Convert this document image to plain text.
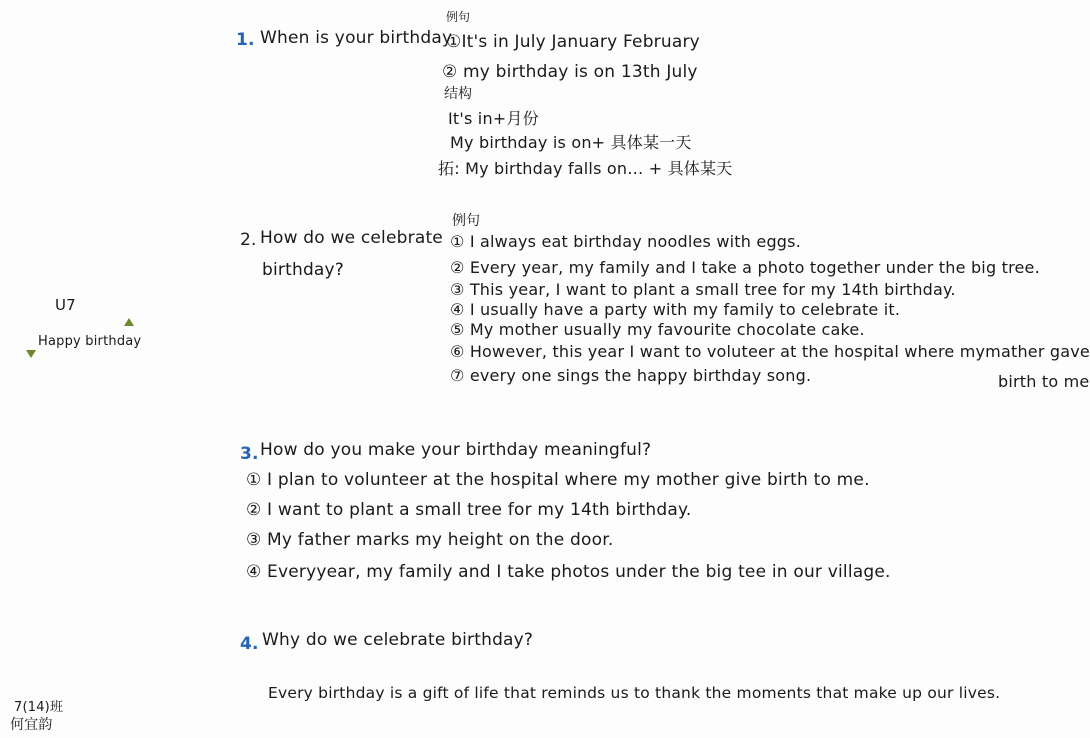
U7
Happy birthday
7(14)班
何宜韵
1. When is your birthday
例句
①It's in July January February
② my birthday is on 13th July
结构
It's in+月份
My birthday is on+ 具体某一天
拓: My birthday falls on… + 具体某天
2. How do we celebrate
birthday?
例句
① I always eat birthday noodles with eggs.
② Every year, my family and I take a photo together under the big tree.
③ This year, I want to plant a small tree for my 14th birthday.
④ I usually have a party with my family to celebrate it.
⑤ My mother usually my favourite chocolate cake.
⑥ However, this year I want to voluteer at the hospital where mymather gave
⑦ every one sings the happy birthday song.	birth to me
3. How do you make your birthday meaningful?
① I plan to volunteer at the hospital where my mother give birth to me.
② I want to plant a small tree for my 14th birthday.
③ My father marks my height on the door.
④ Everyyear, my family and I take photos under the big tee in our village.
4. Why do we celebrate birthday?
Every birthday is a gift of life that reminds us to thank the moments that make up our lives.
